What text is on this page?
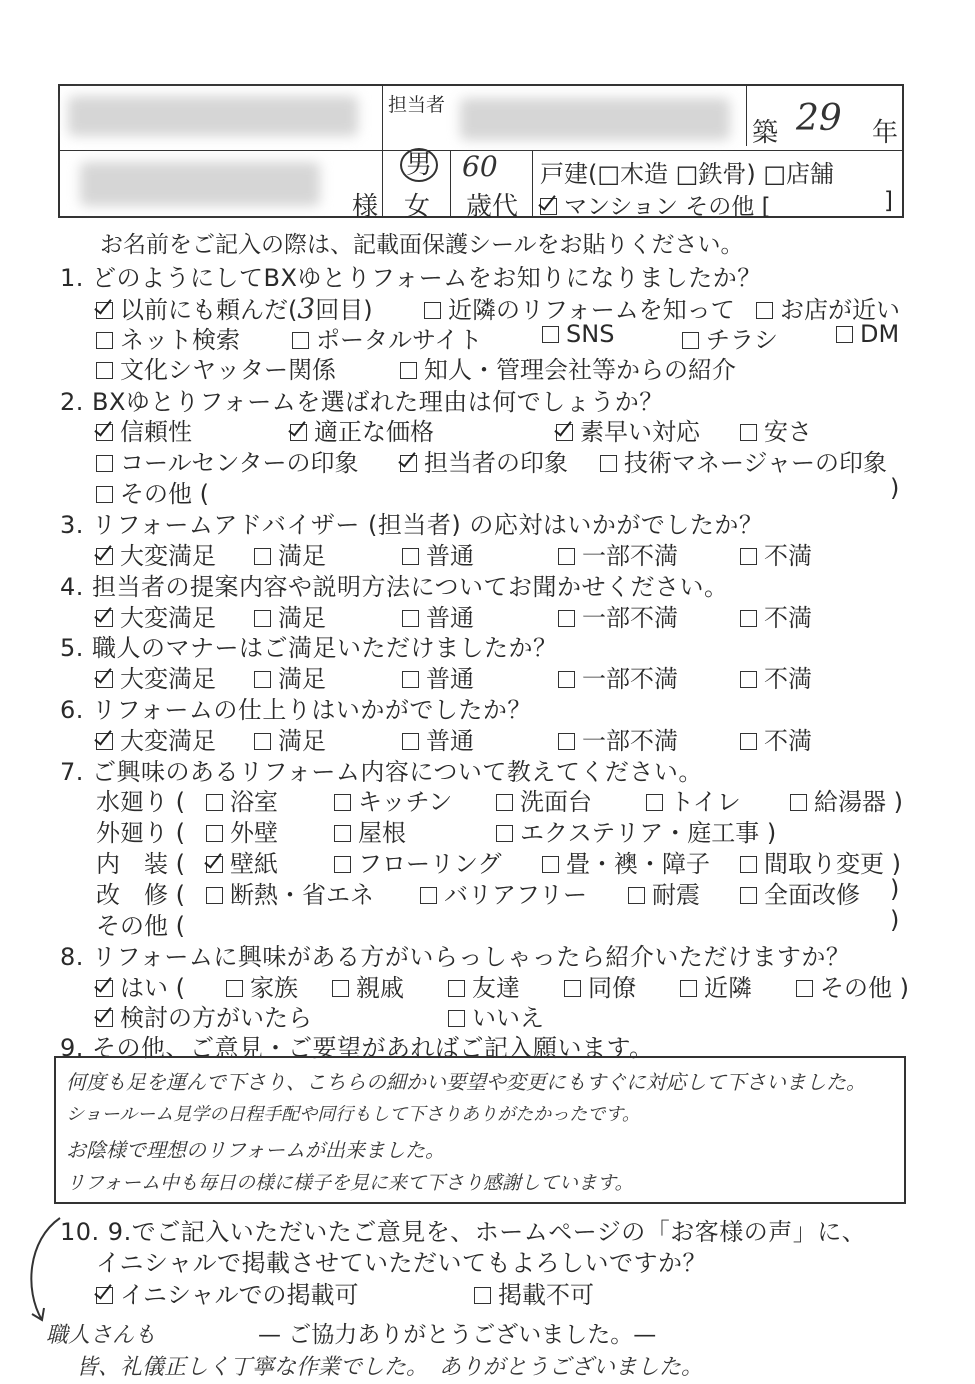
担当者
築 29 年
様
男
女
60
歳代
戸建(□木造 □鉄骨) □店舗
マンション その他 [	]
お名前をご記入の際は、記載面保護シールをお貼りください。
1. どのようにしてBXゆとりフォームをお知りになりましたか？
以前にも頼んだ(3回目)	近隣のリフォームを知って	お店が近い
ネット検索	ポータルサイト	SNS	チラシ	DM
文化シヤッター関係	知人・管理会社等からの紹介
2. BXゆとりフォームを選ばれた理由は何でしょうか？
信頼性	適正な価格	素早い対応	安さ
コールセンターの印象	担当者の印象	技術マネージャーの印象
その他 (	)
3. リフォームアドバイザー (担当者) の応対はいかがでしたか？
大変満足	満足	普通	一部不満	不満
4. 担当者の提案内容や説明方法についてお聞かせください。
大変満足	満足	普通	一部不満	不満
5. 職人のマナーはご満足いただけましたか？
大変満足	満足	普通	一部不満	不満
6. リフォームの仕上りはいかがでしたか？
大変満足	満足	普通	一部不満	不満
7. ご興味のあるリフォーム内容について教えてください。
水廻り (	浴室	キッチン	洗面台	トイレ	給湯器 )
外廻り (	外壁	屋根	エクステリア・庭工事 )
内　装 (	壁紙	フローリング	畳・襖・障子	間取り変更 )
改　修 (	断熱・省エネ	バリアフリー	耐震	全面改修 )
その他 (	)
8. リフォームに興味がある方がいらっしゃったら紹介いただけますか？
はい (	家族	親戚	友達	同僚	近隣	その他 )
検討の方がいたら	いいえ
9. その他、ご意見・ご要望があればご記入願います。
何度も足を運んで下さり、こちらの細かい要望や変更にもすぐに対応して下さいました。
ショールーム見学の日程手配や同行もして下さりありがたかったです。
お陰様で理想のリフォームが出来ました。
リフォーム中も毎日の様に様子を見に来て下さり感謝しています。
10. 9.でご記入いただいたご意見を、ホームページの「お客様の声」に、
イニシャルで掲載させていただいてもよろしいですか？
イニシャルでの掲載可	掲載不可
— ご協力ありがとうございました。—
職人さんも
皆、礼儀正しく丁寧な作業でした。　ありがとうございました。
